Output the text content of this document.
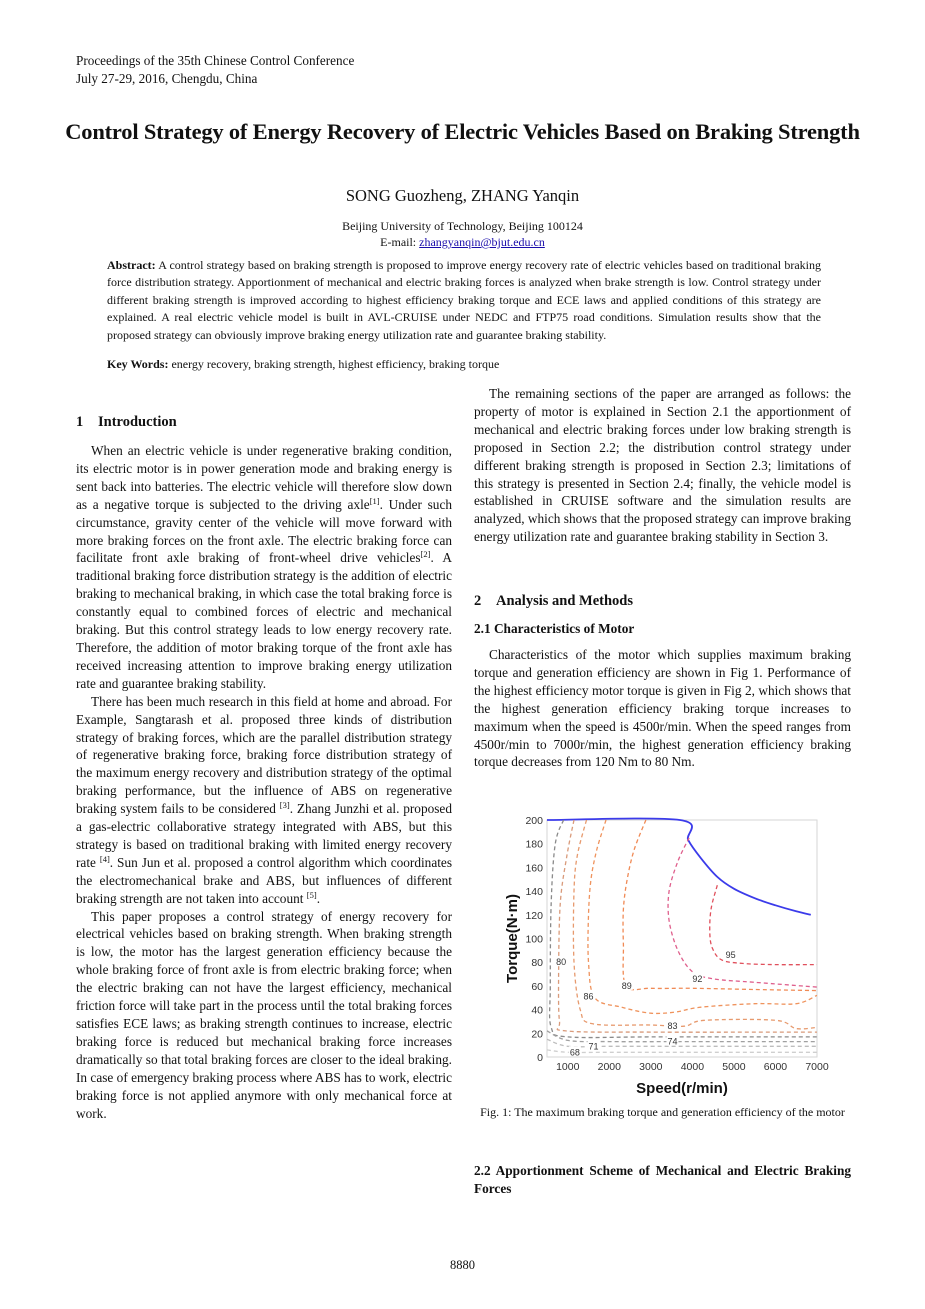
Proceedings of the 35th Chinese Control Conference
July 27-29, 2016, Chengdu, China
Control Strategy of Energy Recovery of Electric Vehicles Based on Braking Strength
SONG Guozheng, ZHANG Yanqin
Beijing University of Technology, Beijing 100124
E-mail: zhangyanqin@bjut.edu.cn
Abstract: A control strategy based on braking strength is proposed to improve energy recovery rate of electric vehicles based on traditional braking force distribution strategy. Apportionment of mechanical and electric braking forces is analyzed when brake strength is low. Control strategy under different braking strength is improved according to highest efficiency braking torque and ECE laws and applied conditions of this strategy are explained. A real electric vehicle model is built in AVL-CRUISE under NEDC and FTP75 road conditions. Simulation results show that the proposed strategy can obviously improve braking energy utilization rate and guarantee braking stability.
Key Words: energy recovery, braking strength, highest efficiency, braking torque
1 Introduction

When an electric vehicle is under regenerative braking condition, its electric motor is in power generation mode and braking energy is sent back into batteries. The electric vehicle will therefore slow down as a negative torque is subjected to the driving axle[1]. Under such circumstance, gravity center of the vehicle will move forward with more braking forces on the front axle. The electric braking force can facilitate front axle braking of front-wheel drive vehicles[2]. A traditional braking force distribution strategy is the addition of electric braking to mechanical braking, in which case the total braking force is constantly equal to combined forces of electric and mechanical braking. But this control strategy leads to low energy recovery rate. Therefore, the addition of motor braking torque of the front axle has received increasing attention to improve braking energy utilization rate and guarantee braking stability.

There has been much research in this field at home and abroad. For Example, Sangtarash et al. proposed three kinds of distribution strategy of braking forces, which are the parallel distribution strategy of regenerative braking force, braking force distribution strategy of the maximum energy recovery and distribution strategy of the optimal braking performance, but the influence of ABS on regenerative braking system fails to be considered [3]. Zhang Junzhi et al. proposed a gas-electric collaborative strategy integrated with ABS, but this strategy is based on traditional braking with limited energy recovery rate [4]. Sun Jun et al. proposed a control algorithm which coordinates the electromechanical brake and ABS, but influences of different braking strength are not taken into account [5].

This paper proposes a control strategy of energy recovery for electrical vehicles based on braking strength. When braking strength is low, the motor has the largest generation efficiency because the whole braking force of front axle is from electric braking force; when the electric braking can not have the largest efficiency, mechanical friction force will take part in the process until the total braking forces satisfies ECE laws; as braking strength continues to increase, electric braking force is reduced but mechanical braking force increases dramatically so that total braking forces are closer to the ideal braking. In case of emergency braking process where ABS has to work, electric braking force is not applied anymore with only mechanical force at work.

The remaining sections of the paper are arranged as follows: the property of motor is explained in Section 2.1 the apportionment of mechanical and electric braking forces under low braking strength is proposed in Section 2.2; the distribution control strategy under different braking strength is proposed in Section 2.3; limitations of this strategy is presented in Section 2.4; finally, the vehicle model is established in CRUISE software and the simulation results are analyzed, which shows that the proposed strategy can improve braking energy utilization rate and guarantee braking stability in Section 3.

2 Analysis and Methods
2.1 Characteristics of Motor

Characteristics of the motor which supplies maximum braking torque and generation efficiency are shown in Fig 1. Performance of the highest efficiency motor torque is given in Fig 2, which shows that the highest generation efficiency braking torque increases to maximum when the speed is 4500r/min. When the speed ranges from 4500r/min to 7000r/min, the highest generation efficiency braking torque decreases from 120 Nm to 80 Nm.

1000 2000 3000 4000 5000 6000 7000
0
20
40
60
80
100
120
140
160
180
200
Speed(r/min)
Torque(N·m)	95
92
89
86
83
80
74
71
68
Fig. 1: The maximum braking torque and generation efficiency of the motor
2.2 Apportionment Scheme of Mechanical and Electric Braking Forces
8880
